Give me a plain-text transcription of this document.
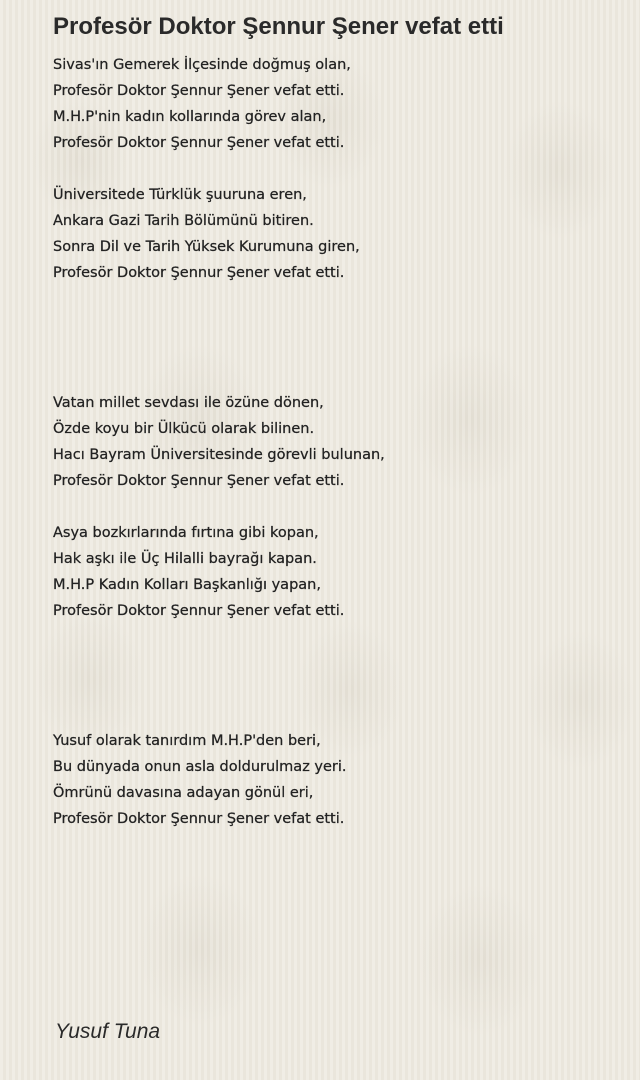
Profesör Doktor Şennur Şener vefat etti
Sivas'ın Gemerek İlçesinde doğmuş olan,
Profesör Doktor Şennur Şener vefat etti.
M.H.P'nin kadın kollarında görev alan,
Profesör Doktor Şennur Şener vefat etti.
Üniversitede Türklük şuuruna eren,
Ankara Gazi Tarih Bölümünü bitiren.
Sonra Dil ve Tarih Yüksek Kurumuna giren,
Profesör Doktor Şennur Şener vefat etti.
Vatan millet sevdası ile özüne dönen,
Özde koyu bir Ülkücü olarak bilinen.
Hacı Bayram Üniversitesinde görevli bulunan,
Profesör Doktor Şennur Şener vefat etti.
Asya bozkırlarında fırtına gibi kopan,
Hak aşkı ile Üç Hilalli bayrağı kapan.
M.H.P Kadın Kolları Başkanlığı yapan,
Profesör Doktor Şennur Şener vefat etti.
Yusuf olarak tanırdım M.H.P'den beri,
Bu dünyada onun asla doldurulmaz yeri.
Ömrünü davasına adayan gönül eri,
Profesör Doktor Şennur Şener vefat etti.

Yusuf Tuna
